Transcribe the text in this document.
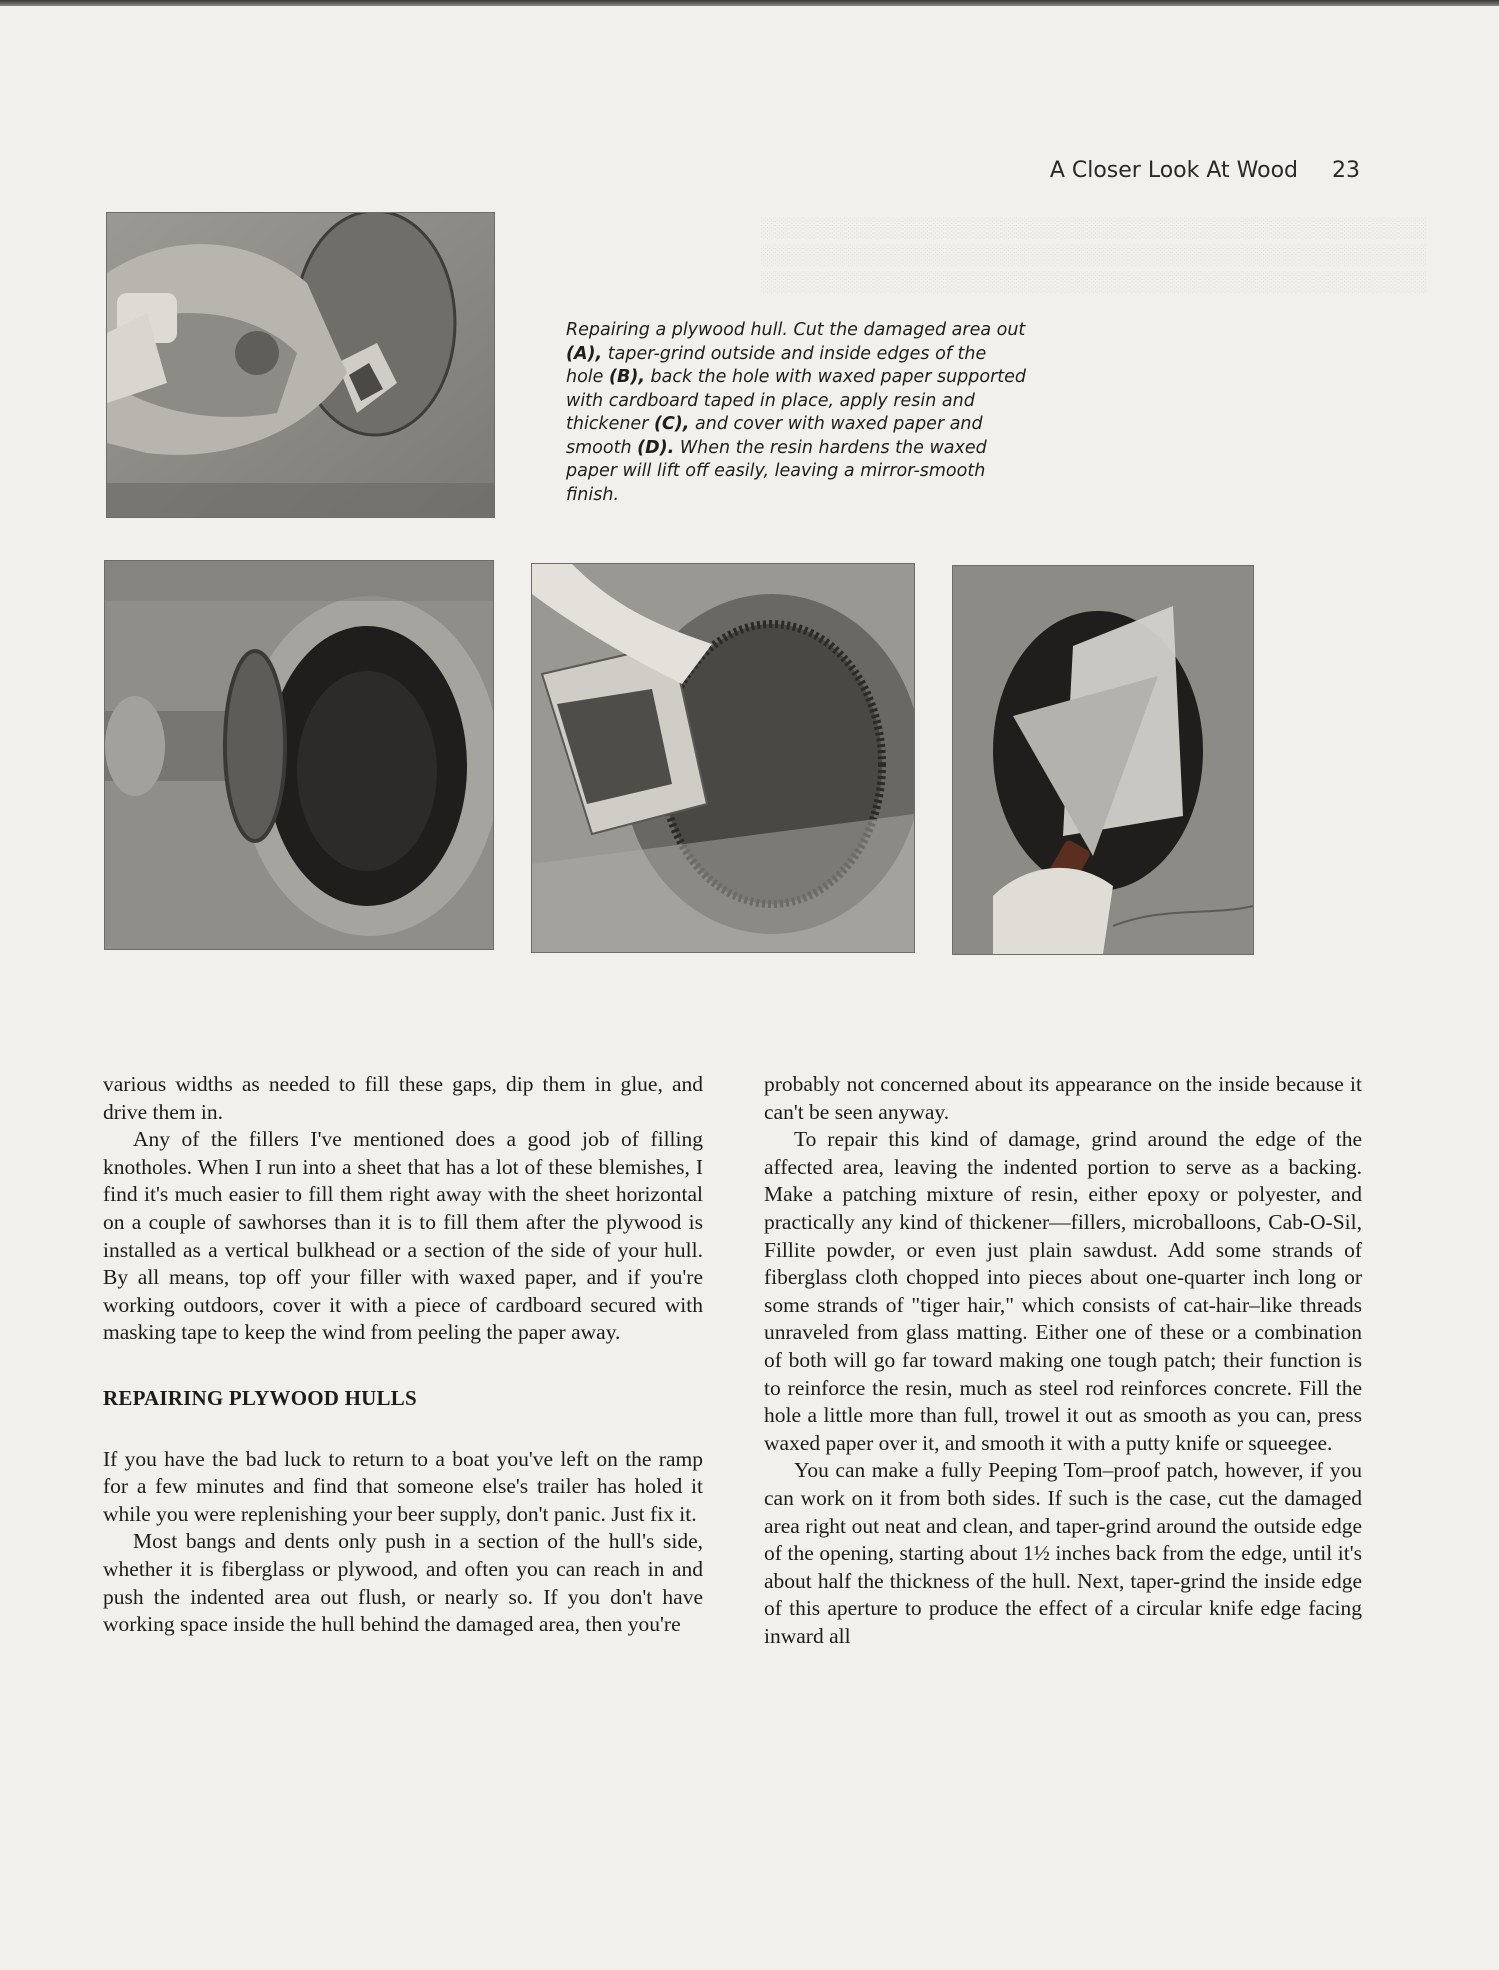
░░░░░░░░░░░░░░░░░░░░░░░░░░░░░░░░░░░░░░░░░░░░░░░
░░░░░░░░░░░░░░░░░░░░░░░░░░░░░░░░░░░░░░░░░░░░░░░
░░░░░░░░░░░░░░░░░░░░░░░░░░░░░░░░░░░░░░░░░░░░░░░
A Closer Look At Wood 23
Repairing a plywood hull. Cut the damaged area out (A), taper-grind outside and inside edges of the hole (B), back the hole with waxed paper supported with cardboard taped in place, apply resin and thickener (C), and cover with waxed paper and smooth (D). When the resin hardens the waxed paper will lift off easily, leaving a mirror-smooth finish.

various widths as needed to fill these gaps, dip them in glue, and drive them in.

Any of the fillers I've mentioned does a good job of filling knotholes. When I run into a sheet that has a lot of these blemishes, I find it's much easier to fill them right away with the sheet horizontal on a couple of sawhorses than it is to fill them after the plywood is installed as a vertical bulkhead or a section of the side of your hull. By all means, top off your filler with waxed paper, and if you're working outdoors, cover it with a piece of cardboard secured with masking tape to keep the wind from peeling the paper away.

REPAIRING PLYWOOD HULLS

If you have the bad luck to return to a boat you've left on the ramp for a few minutes and find that someone else's trailer has holed it while you were replenishing your beer supply, don't panic. Just fix it.

Most bangs and dents only push in a section of the hull's side, whether it is fiberglass or plywood, and often you can reach in and push the indented area out flush, or nearly so. If you don't have working space inside the hull behind the damaged area, then you're

probably not concerned about its appearance on the inside because it can't be seen anyway.

To repair this kind of damage, grind around the edge of the affected area, leaving the indented portion to serve as a backing. Make a patching mixture of resin, either epoxy or polyester, and practically any kind of thickener—fillers, microballoons, Cab-O-Sil, Fillite powder, or even just plain sawdust. Add some strands of fiberglass cloth chopped into pieces about one-quarter inch long or some strands of "tiger hair," which consists of cat-hair–like threads unraveled from glass matting. Either one of these or a combination of both will go far toward making one tough patch; their function is to reinforce the resin, much as steel rod reinforces concrete. Fill the hole a little more than full, trowel it out as smooth as you can, press waxed paper over it, and smooth it with a putty knife or squeegee.

You can make a fully Peeping Tom–proof patch, however, if you can work on it from both sides. If such is the case, cut the damaged area right out neat and clean, and taper-grind around the outside edge of the opening, starting about 1½ inches back from the edge, until it's about half the thickness of the hull. Next, taper-grind the inside edge of this aperture to produce the effect of a circular knife edge facing inward all
